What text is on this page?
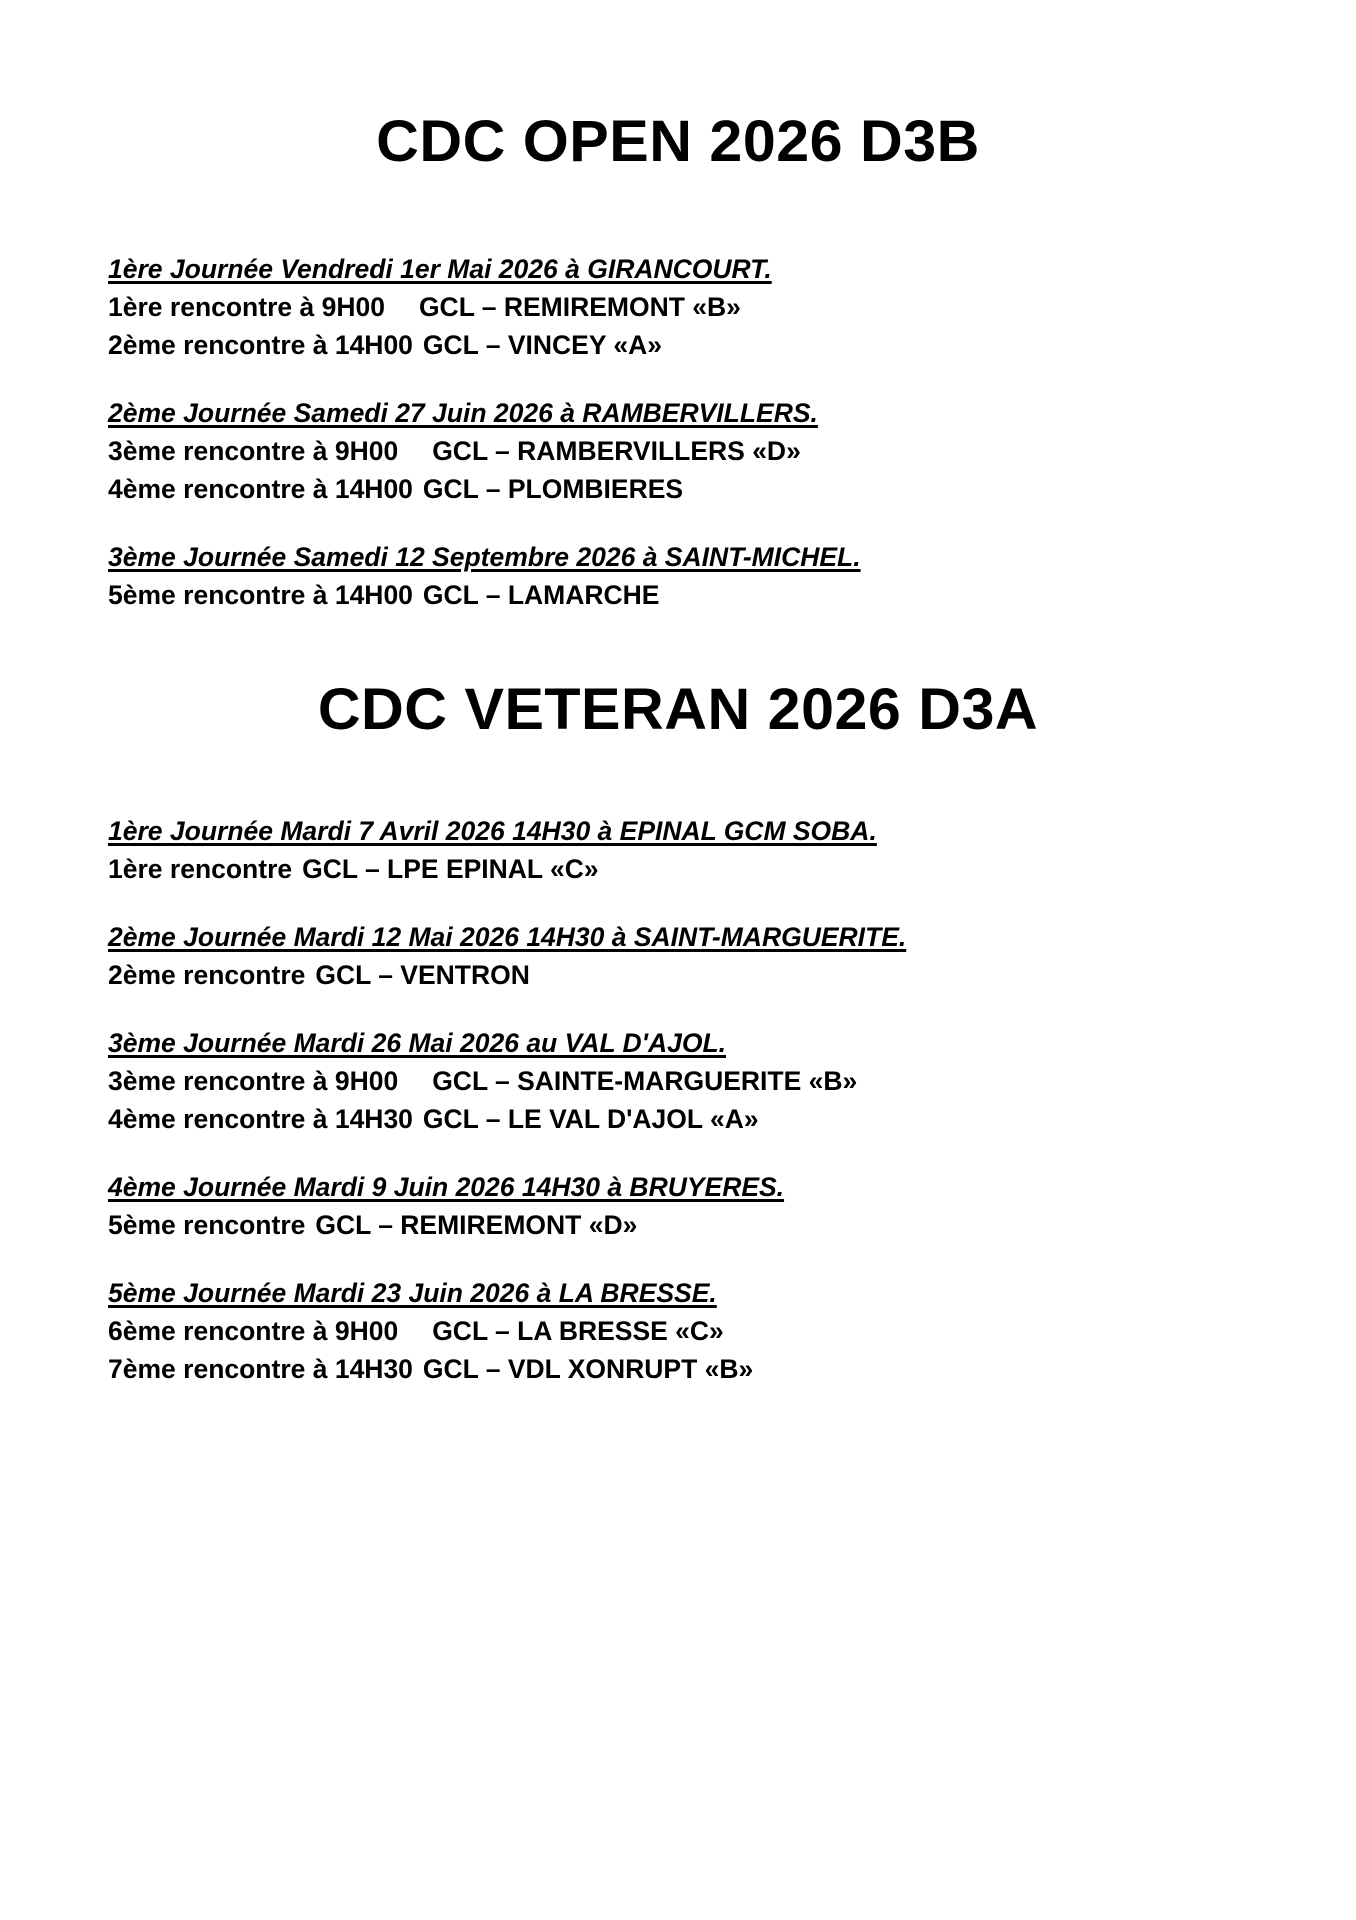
CDC OPEN 2026 D3B
1ère Journée Vendredi 1er Mai 2026 à GIRANCOURT.
1ère rencontre à 9H00 GCL – REMIREMONT «B»
2ème rencontre à 14H00 GCL – VINCEY «A»
2ème Journée Samedi 27 Juin 2026 à RAMBERVILLERS.
3ème rencontre à 9H00 GCL – RAMBERVILLERS «D»
4ème rencontre à 14H00 GCL – PLOMBIERES
3ème Journée Samedi 12 Septembre 2026 à SAINT-MICHEL.
5ème rencontre à 14H00 GCL – LAMARCHE
CDC VETERAN 2026 D3A
1ère Journée Mardi 7 Avril 2026 14H30 à EPINAL GCM SOBA.
1ère rencontre GCL – LPE EPINAL «C»
2ème Journée Mardi 12 Mai 2026 14H30 à SAINT-MARGUERITE.
2ème rencontre GCL – VENTRON
3ème Journée Mardi 26 Mai 2026 au VAL D'AJOL.
3ème rencontre à 9H00 GCL – SAINTE-MARGUERITE «B»
4ème rencontre à 14H30 GCL – LE VAL D'AJOL «A»
4ème Journée Mardi 9 Juin 2026 14H30 à BRUYERES.
5ème rencontre GCL – REMIREMONT «D»
5ème Journée Mardi 23 Juin 2026 à LA BRESSE.
6ème rencontre à 9H00 GCL – LA BRESSE «C»
7ème rencontre à 14H30 GCL – VDL XONRUPT «B»
